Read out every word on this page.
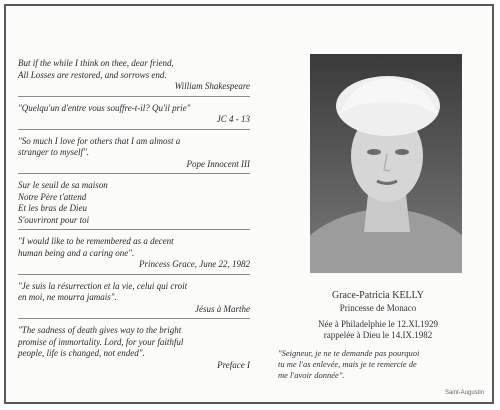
But if the while I think on thee, dear friend,
All Losses are restored, and sorrows end.
William Shakespeare
"Quelqu'un d'entre vous souffre-t-il? Qu'il prie"
JC 4 - 13
"So much I love for others that I am almost a
stranger to myself".
Pope Innocent III
Sur le seuil de sa maison
Notre Père t'attend
Et les bras de Dieu
S'ouvriront pour toi
"I would like to be remembered as a decent
human being and a caring one".
Princess Grace, June 22, 1982
"Je suis la résurrection et la vie, celui qui croit
en moi, ne mourra jamais".
Jésus à Marthe
"The sadness of death gives way to the bright
promise of immortality. Lord, for your faithful
people, life is changed, not ended".
Preface I
Grace-Patricia KELLY
Princesse de Monaco
Née à Philadelphie le 12.XI.1929
rappelée à Dieu le 14.IX.1982
"Seigneur, je ne te demande pas pourquoi
tu me l'as enlevée, mais je te remercie de
me l'avoir donnée".
Saint-Augustin
